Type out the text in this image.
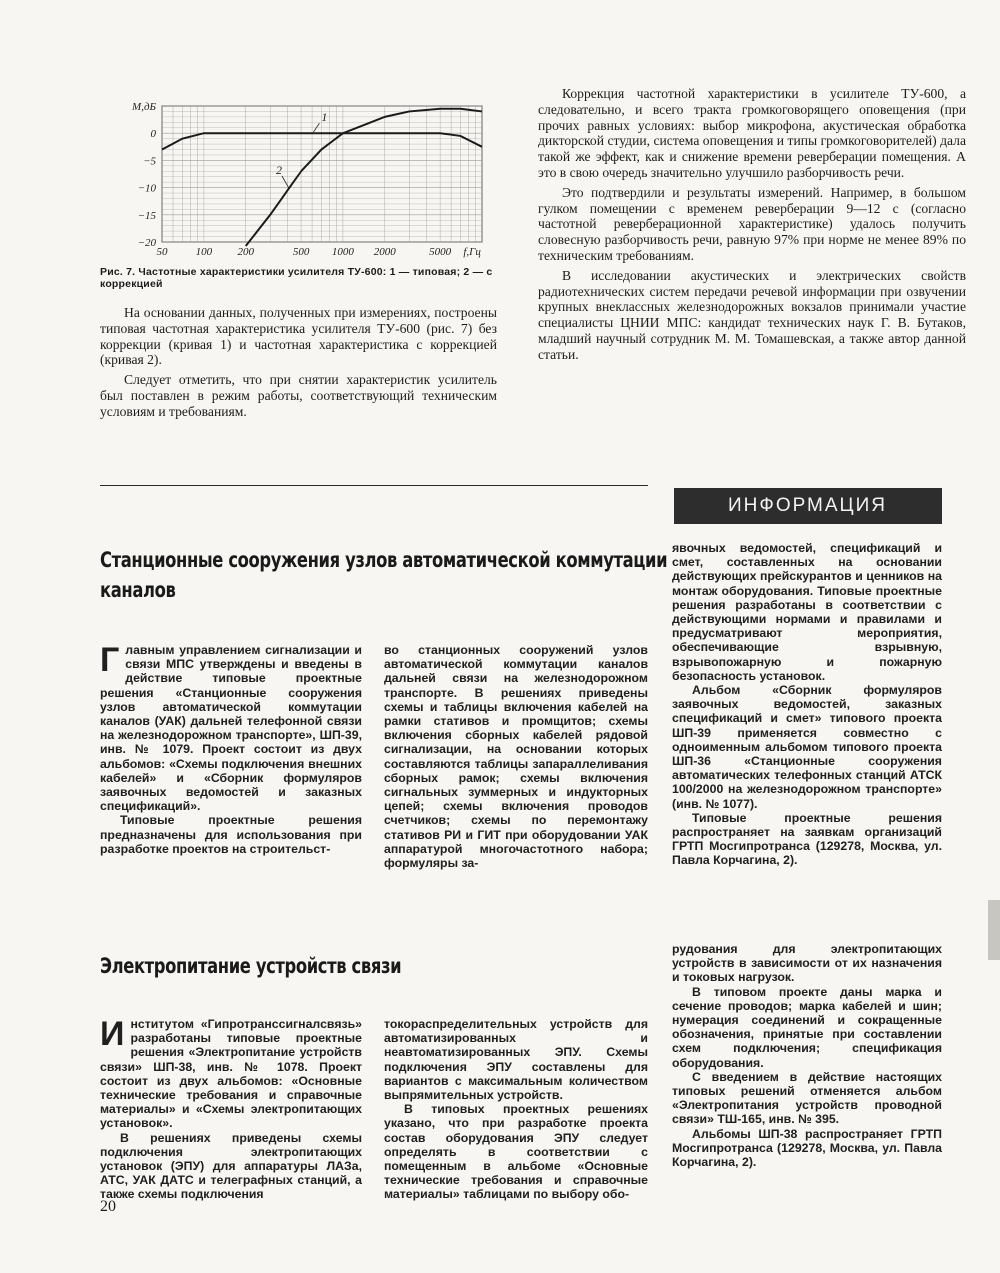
0
−5
−10
−15
−20
50	100 200	500 1000 2000	5000
M,дБ
f,Гц
1
2
Рис. 7. Частотные характеристики усилителя ТУ-600: 1 — типовая; 2 — с коррекцией

На основании данных, полученных при измерениях, построены типовая частотная характеристика усилителя ТУ-600 (рис. 7) без коррекции (кривая 1) и частотная характеристика с коррекцией (кривая 2).

Следует отметить, что при снятии характеристик усилитель был поставлен в режим работы, соответствующий техническим условиям и требованиям.

Коррекция частотной характеристики в усилителе ТУ-600, а следовательно, и всего тракта громкоговорящего оповещения (при прочих равных условиях: выбор микрофона, акустическая обработка дикторской студии, система оповещения и типы громкоговорителей) дала такой же эффект, как и снижение времени реверберации помещения. А это в свою очередь значительно улучшило разборчивость речи.

Это подтвердили и результаты измерений. Например, в большом гулком помещении с временем реверберации 9—12 с (согласно частотной реверберационной характеристике) удалось получить словесную разборчивость речи, равную 97% при норме не менее 89% по техническим требованиям.

В исследовании акустических и электрических свойств радиотехнических систем передачи речевой информации при озвучении крупных внеклассных железнодорожных вокзалов принимали участие специалисты ЦНИИ МПС: кандидат технических наук Г. В. Бутаков, младший научный сотрудник М. М. Томашевская, а также автор данной статьи.

ИНФОРМАЦИЯ
Станционные сооружения узлов автоматической коммутации каналов

Главным управлением сигнализации и связи МПС утверждены и введены в действие типовые проектные решения «Станционные сооружения узлов автоматической коммутации каналов (УАК) дальней телефонной связи на железнодорожном транспорте», ШП-39, инв. № 1079. Проект состоит из двух альбомов: «Схемы подключения внешних кабелей» и «Сборник формуляров заявочных ведомостей и заказных спецификаций».

Типовые проектные решения предназначены для использования при разработке проектов на строительст-

во станционных сооружений узлов автоматической коммутации каналов дальней связи на железнодорожном транспорте. В решениях приведены схемы и таблицы включения кабелей на рамки стативов и промщитов; схемы включения сборных кабелей рядовой сигнализации, на основании которых составляются таблицы запараллеливания сборных рамок; схемы включения сигнальных зуммерных и индукторных цепей; схемы включения проводов счетчиков; схемы по перемонтажу стативов РИ и ГИТ при оборудовании УАК аппаратурой многочастотного набора; формуляры за-

явочных ведомостей, спецификаций и смет, составленных на основании действующих прейскурантов и ценников на монтаж оборудования. Типовые проектные решения разработаны в соответствии с действующими нормами и правилами и предусматривают мероприятия, обеспечивающие взрывную, взрывопожарную и пожарную безопасность установок.

Альбом «Сборник формуляров заявочных ведомостей, заказных спецификаций и смет» типового проекта ШП-39 применяется совместно с одноименным альбомом типового проекта ШП-36 «Станционные сооружения автоматических телефонных станций АТСК 100/2000 на железнодорожном транспорте» (инв. № 1077).

Типовые проектные решения распространяет на заявкам организаций ГРТП Мосгипротранса (129278, Москва, ул. Павла Корчагина, 2).

Электропитание устройств связи

Институтом «Гипротранссигналсвязь» разработаны типовые проектные решения «Электропитание устройств связи» ШП-38, инв. № 1078. Проект состоит из двух альбомов: «Основные технические требования и справочные материалы» и «Схемы электропитающих установок».

В решениях приведены схемы подключения электропитающих установок (ЭПУ) для аппаратуры ЛАЗа, АТС, УАК ДАТС и телеграфных станций, а также схемы подключения

токораспределительных устройств для автоматизированных и неавтоматизированных ЭПУ. Схемы подключения ЭПУ составлены для вариантов с максимальным количеством выпрямительных устройств.

В типовых проектных решениях указано, что при разработке проекта состав оборудования ЭПУ следует определять в соответствии с помещенным в альбоме «Основные технические требования и справочные материалы» таблицами по выбору обо-

рудования для электропитающих устройств в зависимости от их назначения и токовых нагрузок.

В типовом проекте даны марка и сечение проводов; марка кабелей и шин; нумерация соединений и сокращенные обозначения, принятые при составлении схем подключения; спецификация оборудования.

С введением в действие настоящих типовых решений отменяется альбом «Электропитания устройств проводной связи» ТШ-165, инв. № 395.

Альбомы ШП-38 распространяет ГРТП Мосгипротранса (129278, Москва, ул. Павла Корчагина, 2).

20
